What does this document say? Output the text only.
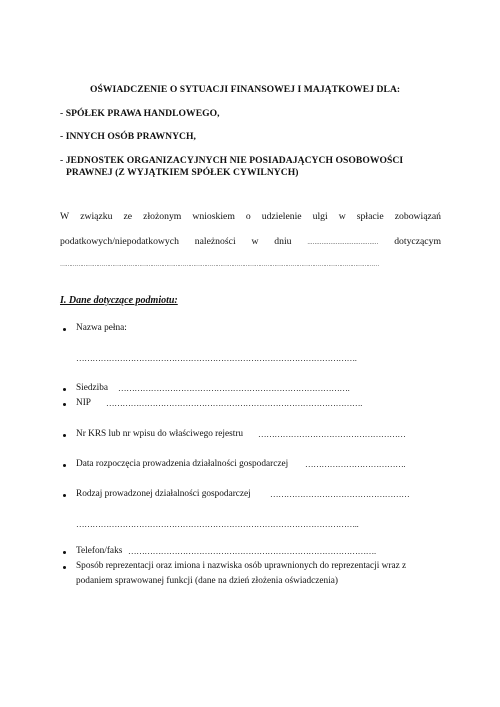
OŚWIADCZENIE O SYTUACJI FINANSOWEJ I MAJĄTKOWEJ DLA:
- SPÓŁEK PRAWA HANDLOWEGO,
- INNYCH OSÓB PRAWNYCH,
- JEDNOSTEK ORGANIZACYJNYCH NIE POSIADAJĄCYCH OSOBOWOŚCI
PRAWNEJ (Z WYJĄTKIEM SPÓŁEK CYWILNYCH)
W związku ze złożonym wnioskiem o udzielenie ulgi w spłacie zobowiązań
podatkowych/niepodatkowych należności w dniu ........................................ dotyczącym
……………………………………………………………………………………………………………………………………………………………
I. Dane dotyczące podmiotu:
Nazwa pełna:
………………………………………………………………………………………….
Siedziba ………………………………………………………………………….
NIP ………………………………………………………………………………….
Nr KRS lub nr wpisu do właściwego rejestru ………………………………………………
Data rozpoczęcia prowadzenia działalności gospodarczej ……………………………….
Rodzaj prowadzonej działalności gospodarczej ……………………………………………
…………………………………………………………………………………………..
Telefon/faks ……………………………………………………………………………….
Sposób reprezentacji oraz imiona i nazwiska osób uprawnionych do reprezentacji wraz z
podaniem sprawowanej funkcji (dane na dzień złożenia oświadczenia)
